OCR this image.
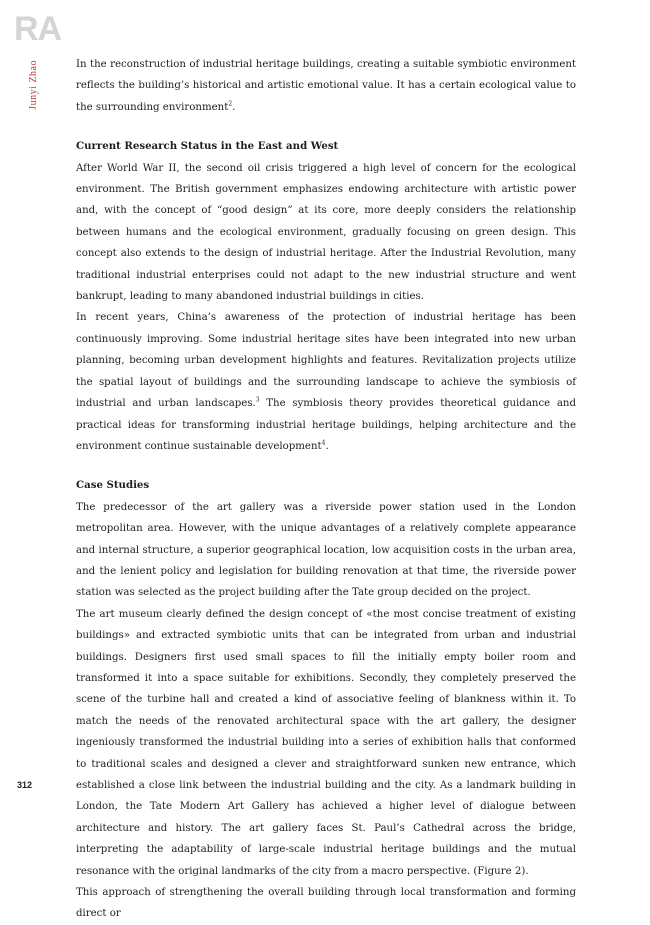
RA
Junyi Zhao	In the reconstruction of industrial heritage buildings, creating a suitable symbiotic environment reflects the building’s historical and artistic emotional value. It has a certain ecological value to the surrounding environment$^2$.

Current Research Status in the East and West

After World War II, the second oil crisis triggered a high level of concern for the ecological environment. The British government emphasizes endowing architecture with artistic power and, with the concept of “good design” at its core, more deeply considers the relationship between humans and the ecological environment, gradually focusing on green design. This concept also extends to the design of industrial heritage. After the Industrial Revolution, many traditional industrial enterprises could not adapt to the new industrial structure and went bankrupt, leading to many abandoned industrial buildings in cities.

In recent years, China’s awareness of the protection of industrial heritage has been continuously improving. Some industrial heritage sites have been integrated into new urban planning, becoming urban development highlights and features. Revitalization projects utilize the spatial layout of buildings and the surrounding landscape to achieve the symbiosis of industrial and urban landscapes.$^3$ The symbiosis theory provides theoretical guidance and practical ideas for transforming industrial heritage buildings, helping architecture and the environment continue sustainable development$^4$.

Case Studies

The predecessor of the art gallery was a riverside power station used in the London metropolitan area. However, with the unique advantages of a relatively complete appearance and internal structure, a superior geographical location, low acquisition costs in the urban area, and the lenient policy and legislation for building renovation at that time, the riverside power station was selected as the project building after the Tate group decided on the project.

The art museum clearly defined the design concept of «the most concise treatment of existing buildings» and extracted symbiotic units that can be integrated from urban and industrial buildings. Designers first used small spaces to fill the initially empty boiler room and transformed it into a space suitable for exhibitions. Secondly, they completely preserved the scene of the turbine hall and created a kind of associative feeling of blankness within it. To match the needs of the renovated architectural space with the art gallery, the designer ingeniously transformed the industrial building into a series of exhibition halls that conformed to traditional scales and designed a clever and straightforward sunken new entrance, which established a close link between the industrial building and the city. As a landmark building in London, the Tate Modern Art Gallery has achieved a higher level of dialogue between architecture and history. The art gallery faces St. Paul’s Cathedral across the bridge, interpreting the adaptability of large-scale industrial heritage buildings and the mutual resonance with the original landmarks of the city from a macro perspective. (Figure 2).

This approach of strengthening the overall building through local transformation and forming direct or

312
